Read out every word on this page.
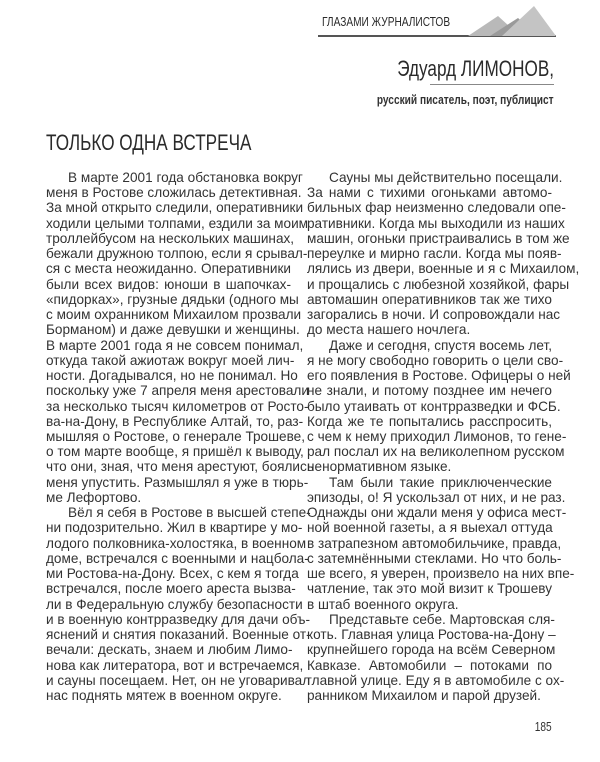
ГЛАЗАМИ ЖУРНАЛИСТОВ
Эдуард ЛИМОНОВ,
русский писатель, поэт, публицист
ТОЛЬКО ОДНА ВСТРЕЧА
В марте 2001 года обстановка вокруг
меня в Ростове сложилась детективная.
За мной открыто следили, оперативники
ходили целыми толпами, ездили за моим
троллейбусом на нескольких машинах,
бежали дружною толпою, если я срывал-
ся с места неожиданно. Оперативники
были всех видов: юноши в шапочках-
«пидорках», грузные дядьки (одного мы
с моим охранником Михаилом прозвали
Борманом) и даже девушки и женщины.
В марте 2001 года я не совсем понимал,
откуда такой ажиотаж вокруг моей лич-
ности. Догадывался, но не понимал. Но
поскольку уже 7 апреля меня арестовали
за несколько тысяч километров от Росто-
ва-на-Дону, в Республике Алтай, то, раз-
мышляя о Ростове, о генерале Трошеве,
о том марте вообще, я пришёл к выводу,
что они, зная, что меня арестуют, боялись
меня упустить. Размышлял я уже в тюрь-
ме Лефортово.
Вёл я себя в Ростове в высшей степе-
ни подозрительно. Жил в квартире у мо-
лодого полковника-холостяка, в военном
доме, встречался с военными и нацбола-
ми Ростова-на-Дону. Всех, с кем я тогда
встречался, после моего ареста вызва-
ли в Федеральную службу безопасности
и в военную контрразведку для дачи объ-
яснений и снятия показаний. Военные от-
вечали: дескать, знаем и любим Лимо-
нова как литератора, вот и встречаемся,
и сауны посещаем. Нет, он не уговаривал
нас поднять мятеж в военном округе.
Сауны мы действительно посещали.
За нами с тихими огоньками автомо-
бильных фар неизменно следовали опе-
ративники. Когда мы выходили из наших
машин, огоньки пристраивались в том же
переулке и мирно гасли. Когда мы появ-
лялись из двери, военные и я с Михаилом,
и прощались с любезной хозяйкой, фары
автомашин оперативников так же тихо
загорались в ночи. И сопровождали нас
до места нашего ночлега.
Даже и сегодня, спустя восемь лет,
я не могу свободно говорить о цели сво-
его появления в Ростове. Офицеры о ней
не знали, и потому позднее им нечего
было утаивать от контрразведки и ФСБ.
Когда же те попытались расспросить,
с чем к нему приходил Лимонов, то гене-
рал послал их на великолепном русском
ненормативном языке.
Там были такие приключенческие
эпизоды, о! Я ускользал от них, и не раз.
Однажды они ждали меня у офиса мест-
ной военной газеты, а я выехал оттуда
в затрапезном автомобильчике, правда,
с затемнёнными стеклами. Но что боль-
ше всего, я уверен, произвело на них впе-
чатление, так это мой визит к Трошеву
в штаб военного округа.
Представьте себе. Мартовская сля-
коть. Главная улица Ростова-на-Дону –
крупнейшего города на всём Северном
Кавказе. Автомобили – потоками по
главной улице. Еду я в автомобиле с ох-
ранником Михаилом и парой друзей.
185
